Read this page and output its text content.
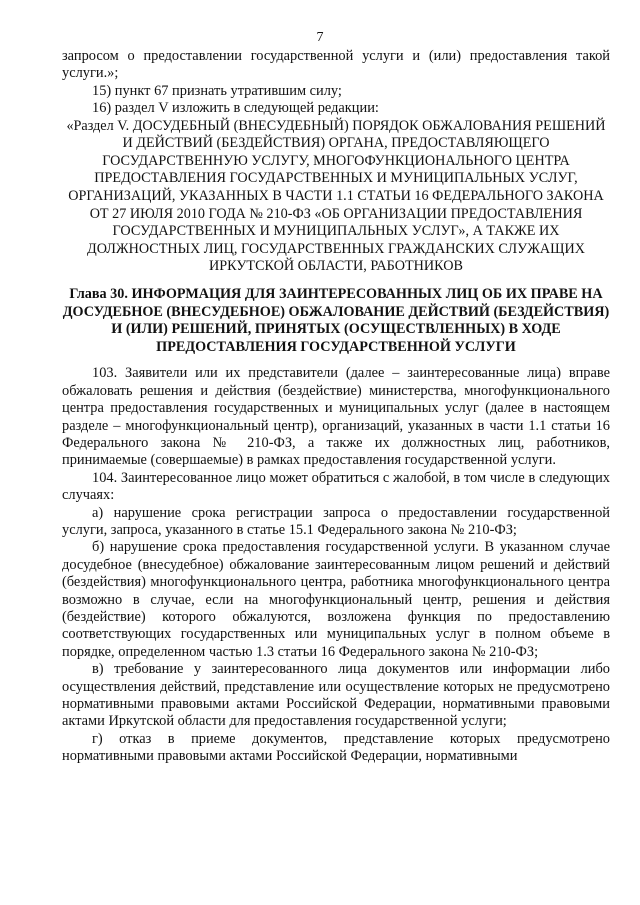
7

запросом о предоставлении государственной услуги и (или) предоставления такой услуги.»;

15) пункт 67 признать утратившим силу;

16) раздел V изложить в следующей редакции:

«Раздел V. ДОСУДЕБНЫЙ (ВНЕСУДЕБНЫЙ) ПОРЯДОК ОБЖАЛОВАНИЯ РЕШЕНИЙ И ДЕЙСТВИЙ (БЕЗДЕЙСТВИЯ) ОРГАНА, ПРЕДОСТАВЛЯЮЩЕГО ГОСУДАРСТВЕННУЮ УСЛУГУ, МНОГОФУНКЦИОНАЛЬНОГО ЦЕНТРА ПРЕДОСТАВЛЕНИЯ ГОСУДАРСТВЕННЫХ И МУНИЦИПАЛЬНЫХ УСЛУГ, ОРГАНИЗАЦИЙ, УКАЗАННЫХ В ЧАСТИ 1.1 СТАТЬИ 16 ФЕДЕРАЛЬНОГО ЗАКОНА ОТ 27 ИЮЛЯ 2010 ГОДА № 210-ФЗ «ОБ ОРГАНИЗАЦИИ ПРЕДОСТАВЛЕНИЯ ГОСУДАРСТВЕННЫХ И МУНИЦИПАЛЬНЫХ УСЛУГ», А ТАКЖЕ ИХ ДОЛЖНОСТНЫХ ЛИЦ, ГОСУДАРСТВЕННЫХ ГРАЖДАНСКИХ СЛУЖАЩИХ ИРКУТСКОЙ ОБЛАСТИ, РАБОТНИКОВ

Глава 30. ИНФОРМАЦИЯ ДЛЯ ЗАИНТЕРЕСОВАННЫХ ЛИЦ ОБ ИХ ПРАВЕ НА ДОСУДЕБНОЕ (ВНЕСУДЕБНОЕ) ОБЖАЛОВАНИЕ ДЕЙСТВИЙ (БЕЗДЕЙСТВИЯ) И (ИЛИ) РЕШЕНИЙ, ПРИНЯТЫХ (ОСУЩЕСТВЛЕННЫХ) В ХОДЕ ПРЕДОСТАВЛЕНИЯ ГОСУДАРСТВЕННОЙ УСЛУГИ

103. Заявители или их представители (далее – заинтересованные лица) вправе обжаловать решения и действия (бездействие) министерства, многофункционального центра предоставления государственных и муниципальных услуг (далее в настоящем разделе – многофункциональный центр), организаций, указанных в части 1.1 статьи 16 Федерального закона № 210-ФЗ, а также их должностных лиц, работников, принимаемые (совершаемые) в рамках предоставления государственной услуги.

104. Заинтересованное лицо может обратиться с жалобой, в том числе в следующих случаях:

а) нарушение срока регистрации запроса о предоставлении государственной услуги, запроса, указанного в статье 15.1 Федерального закона № 210-ФЗ;

б) нарушение срока предоставления государственной услуги. В указанном случае досудебное (внесудебное) обжалование заинтересованным лицом решений и действий (бездействия) многофункционального центра, работника многофункционального центра возможно в случае, если на многофункциональный центр, решения и действия (бездействие) которого обжалуются, возложена функция по предоставлению соответствующих государственных или муниципальных услуг в полном объеме в порядке, определенном частью 1.3 статьи 16 Федерального закона № 210-ФЗ;

в) требование у заинтересованного лица документов или информации либо осуществления действий, представление или осуществление которых не предусмотрено нормативными правовыми актами Российской Федерации, нормативными правовыми актами Иркутской области для предоставления государственной услуги;

г) отказ в приеме документов, представление которых предусмотрено нормативными правовыми актами Российской Федерации, нормативными
